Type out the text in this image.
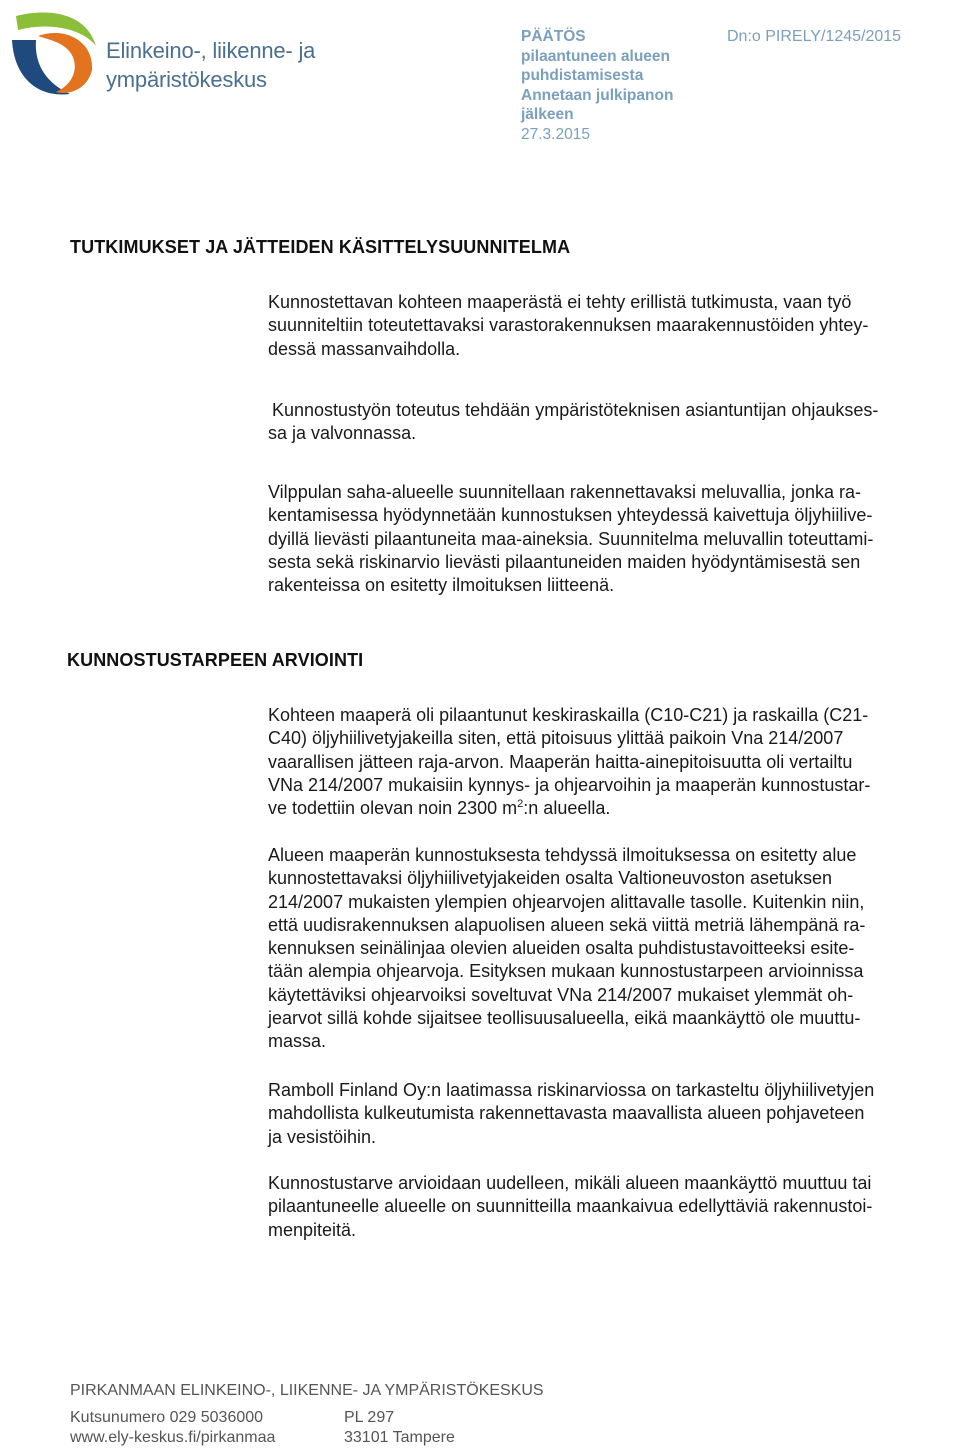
Elinkeino-, liikenne- ja
ympäristökeskus
PÄÄTÖS
pilaantuneen alueen
puhdistamisesta
Annetaan julkipanon
jälkeen
27.3.2015
Dn:o PIRELY/1245/2015
TUTKIMUKSET JA JÄTTEIDEN KÄSITTELYSUUNNITELMA
Kunnostettavan kohteen maaperästä ei tehty erillistä tutkimusta, vaan työ
suunniteltiin toteutettavaksi varastorakennuksen maarakennustöiden yhtey-
dessä massanvaihdolla.
Kunnostustyön toteutus tehdään ympäristöteknisen asiantuntijan ohjaukses-
sa ja valvonnassa.
Vilppulan saha-alueelle suunnitellaan rakennettavaksi meluvallia, jonka ra-
kentamisessa hyödynnetään kunnostuksen yhteydessä kaivettuja öljyhiilive-
dyillä lievästi pilaantuneita maa-aineksia. Suunnitelma meluvallin toteuttami-
sesta sekä riskinarvio lievästi pilaantuneiden maiden hyödyntämisestä sen
rakenteissa on esitetty ilmoituksen liitteenä.
KUNNOSTUSTARPEEN ARVIOINTI
Kohteen maaperä oli pilaantunut keskiraskailla (C10-C21) ja raskailla (C21-
C40) öljyhiilivetyjakeilla siten, että pitoisuus ylittää paikoin Vna 214/2007
vaarallisen jätteen raja-arvon. Maaperän haitta-ainepitoisuutta oli vertailtu
VNa 214/2007 mukaisiin kynnys- ja ohjearvoihin ja maaperän kunnostustar-
ve todettiin olevan noin 2300 $m^2:n$ alueella.
Alueen maaperän kunnostuksesta tehdyssä ilmoituksessa on esitetty alue
kunnostettavaksi öljyhiilivetyjakeiden osalta Valtioneuvoston asetuksen
214/2007 mukaisten ylempien ohjearvojen alittavalle tasolle. Kuitenkin niin,
että uudisrakennuksen alapuolisen alueen sekä viittä metriä lähempänä ra-
kennuksen seinälinjaa olevien alueiden osalta puhdistustavoitteeksi esite-
tään alempia ohjearvoja. Esityksen mukaan kunnostustarpeen arvioinnissa
käytettäviksi ohjearvoiksi soveltuvat VNa 214/2007 mukaiset ylemmät oh-
jearvot sillä kohde sijaitsee teollisuusalueella, eikä maankäyttö ole muuttu-
massa.
Ramboll Finland Oy:n laatimassa riskinarviossa on tarkasteltu öljyhiilivetyjen
mahdollista kulkeutumista rakennettavasta maavallista alueen pohjaveteen
ja vesistöihin.
Kunnostustarve arvioidaan uudelleen, mikäli alueen maankäyttö muuttuu tai
pilaantuneelle alueelle on suunnitteilla maankaivua edellyttäviä rakennustoi-
menpiteitä.
PIRKANMAAN ELINKEINO-, LIIKENNE- JA YMPÄRISTÖKESKUS
Kutsunumero 029 5036000
www.ely-keskus.fi/pirkanmaa
PL 297
33101 Tampere
